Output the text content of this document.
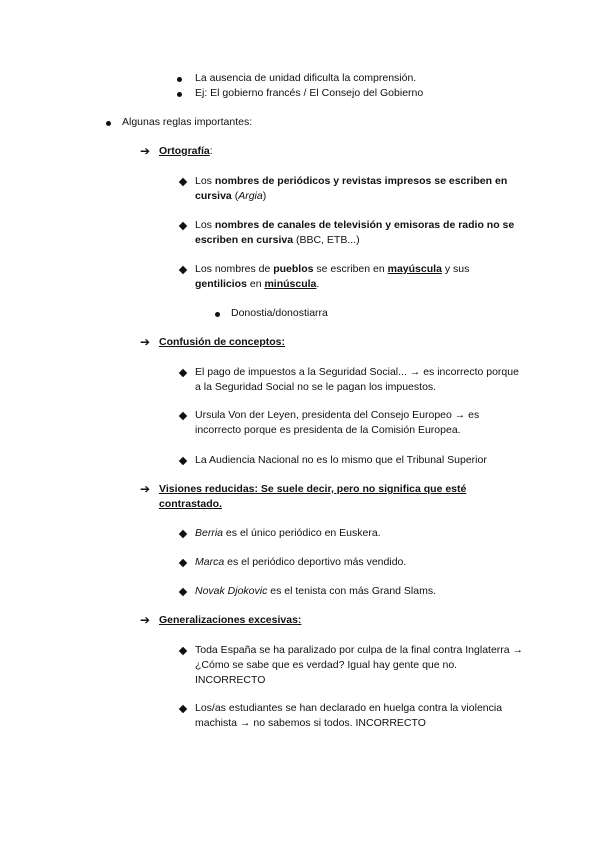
La ausencia de unidad dificulta la comprensión.
Ej: El gobierno francés / El Consejo del Gobierno
Algunas reglas importantes:
➔ Ortografía:
Los nombres de periódicos y revistas impresos se escriben en
cursiva (Argia)
Los nombres de canales de televisión y emisoras de radio no se
escriben en cursiva (BBC, ETB...)
Los nombres de pueblos se escriben en mayúscula y sus
gentilicios en minúscula.
Donostia/donostiarra
➔ Confusión de conceptos:
El pago de impuestos a la Seguridad Social... → es incorrecto porque
a la Seguridad Social no se le pagan los impuestos.
Ursula Von der Leyen, presidenta del Consejo Europeo → es
incorrecto porque es presidenta de la Comisión Europea.
La Audiencia Nacional no es lo mismo que el Tribunal Superior
➔ Visiones reducidas: Se suele decir, pero no significa que esté
contrastado.
Berria es el único periódico en Euskera.
Marca es el periódico deportivo más vendido.
Novak Djokovic es el tenista con más Grand Slams.
➔ Generalizaciones excesivas:
Toda España se ha paralizado por culpa de la final contra Inglaterra →
¿Cómo se sabe que es verdad? Igual hay gente que no.
INCORRECTO
Los/as estudiantes se han declarado en huelga contra la violencia
machista → no sabemos si todos. INCORRECTO
